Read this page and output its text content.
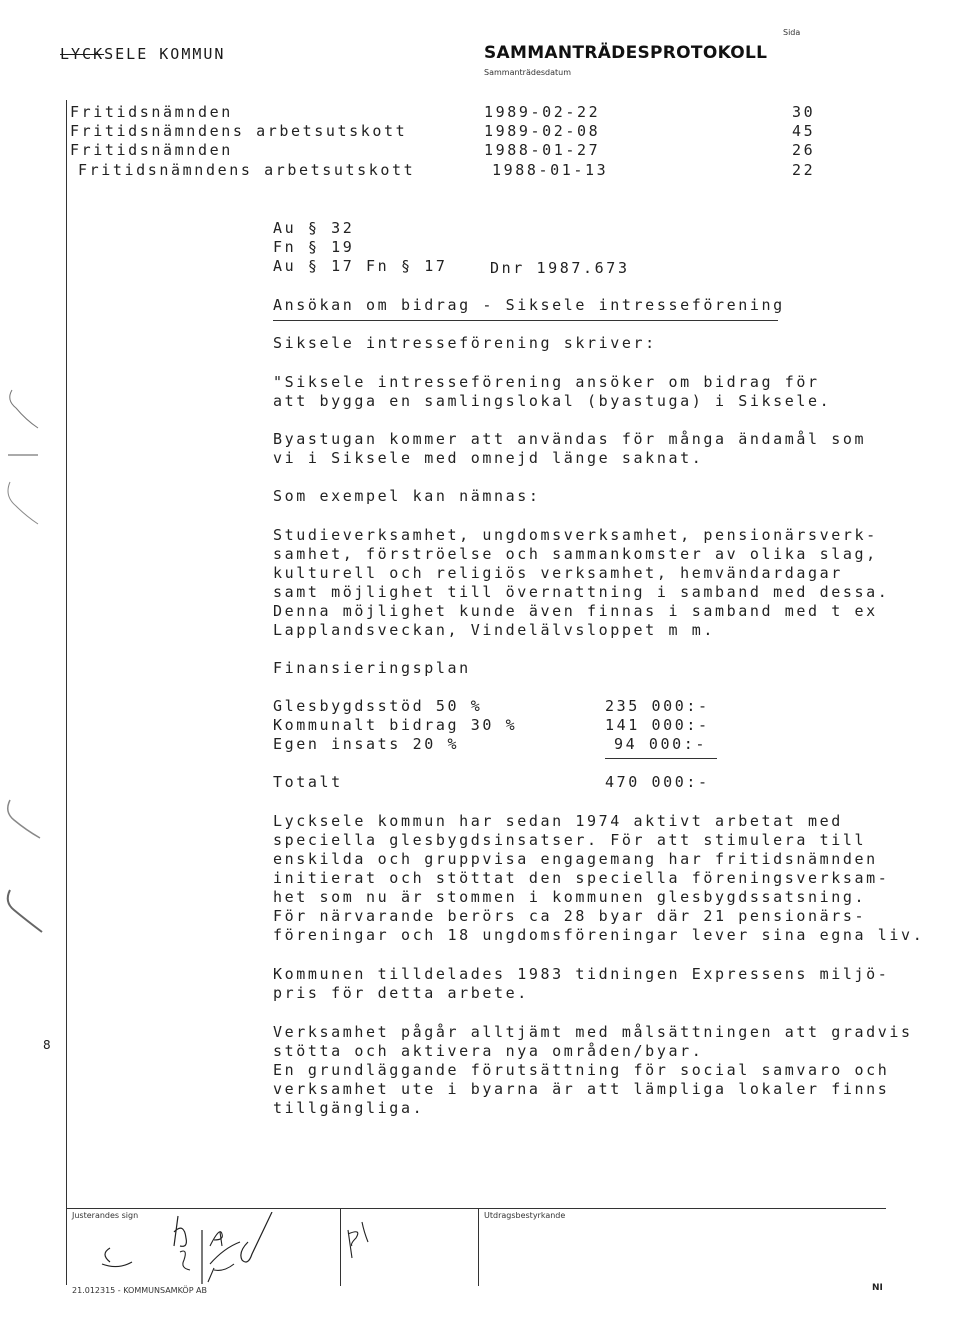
LYCKSELE KOMMUN	SAMMANTRÄDESPROTOKOLL
Sammanträdesdatum
Sida
Fritidsnämnden	1989-02-22	30
Fritidsnämndens arbetsutskott	1989-02-08	45
Fritidsnämnden	1988-01-27	26
Fritidsnämndens arbetsutskott	1988-01-13	22
Au § 32
Fn § 19
Au § 17 Fn § 17	Dnr 1987.673
Ansökan om bidrag - Siksele intresseförening
Siksele intresseförening skriver:
"Siksele intresseförening ansöker om bidrag för
att bygga en samlingslokal (byastuga) i Siksele.
Byastugan kommer att användas för många ändamål som
vi i Siksele med omnejd länge saknat.
Som exempel kan nämnas:
Studieverksamhet, ungdomsverksamhet, pensionärsverk-
samhet, förströelse och sammankomster av olika slag,
kulturell och religiös verksamhet, hemvändardagar
samt möjlighet till övernattning i samband med dessa.
Denna möjlighet kunde även finnas i samband med t ex
Lapplandsveckan, Vindelälvsloppet m m.
Finansieringsplan
Glesbygdsstöd 50 %	235 000:-
Kommunalt bidrag 30 %	141 000:-
Egen insats 20 %	94 000:-
Totalt	470 000:-
Lycksele kommun har sedan 1974 aktivt arbetat med
speciella glesbygdsinsatser. För att stimulera till
enskilda och gruppvisa engagemang har fritidsnämnden
initierat och stöttat den speciella föreningsverksam-
het som nu är stommen i kommunen glesbygdssatsning.
För närvarande berörs ca 28 byar där 21 pensionärs-
föreningar och 18 ungdomsföreningar lever sina egna liv.
Kommunen tilldelades 1983 tidningen Expressens miljö-
pris för detta arbete.
Verksamhet pågår alltjämt med målsättningen att gradvis
stötta och aktivera nya områden/byar.
En grundläggande förutsättning för social samvaro och
verksamhet ute i byarna är att lämpliga lokaler finns
tillgängliga.
8
Justerandes sign	Utdragsbestyrkande
21.012315 - KOMMUNSAMKÖP AB	NI
